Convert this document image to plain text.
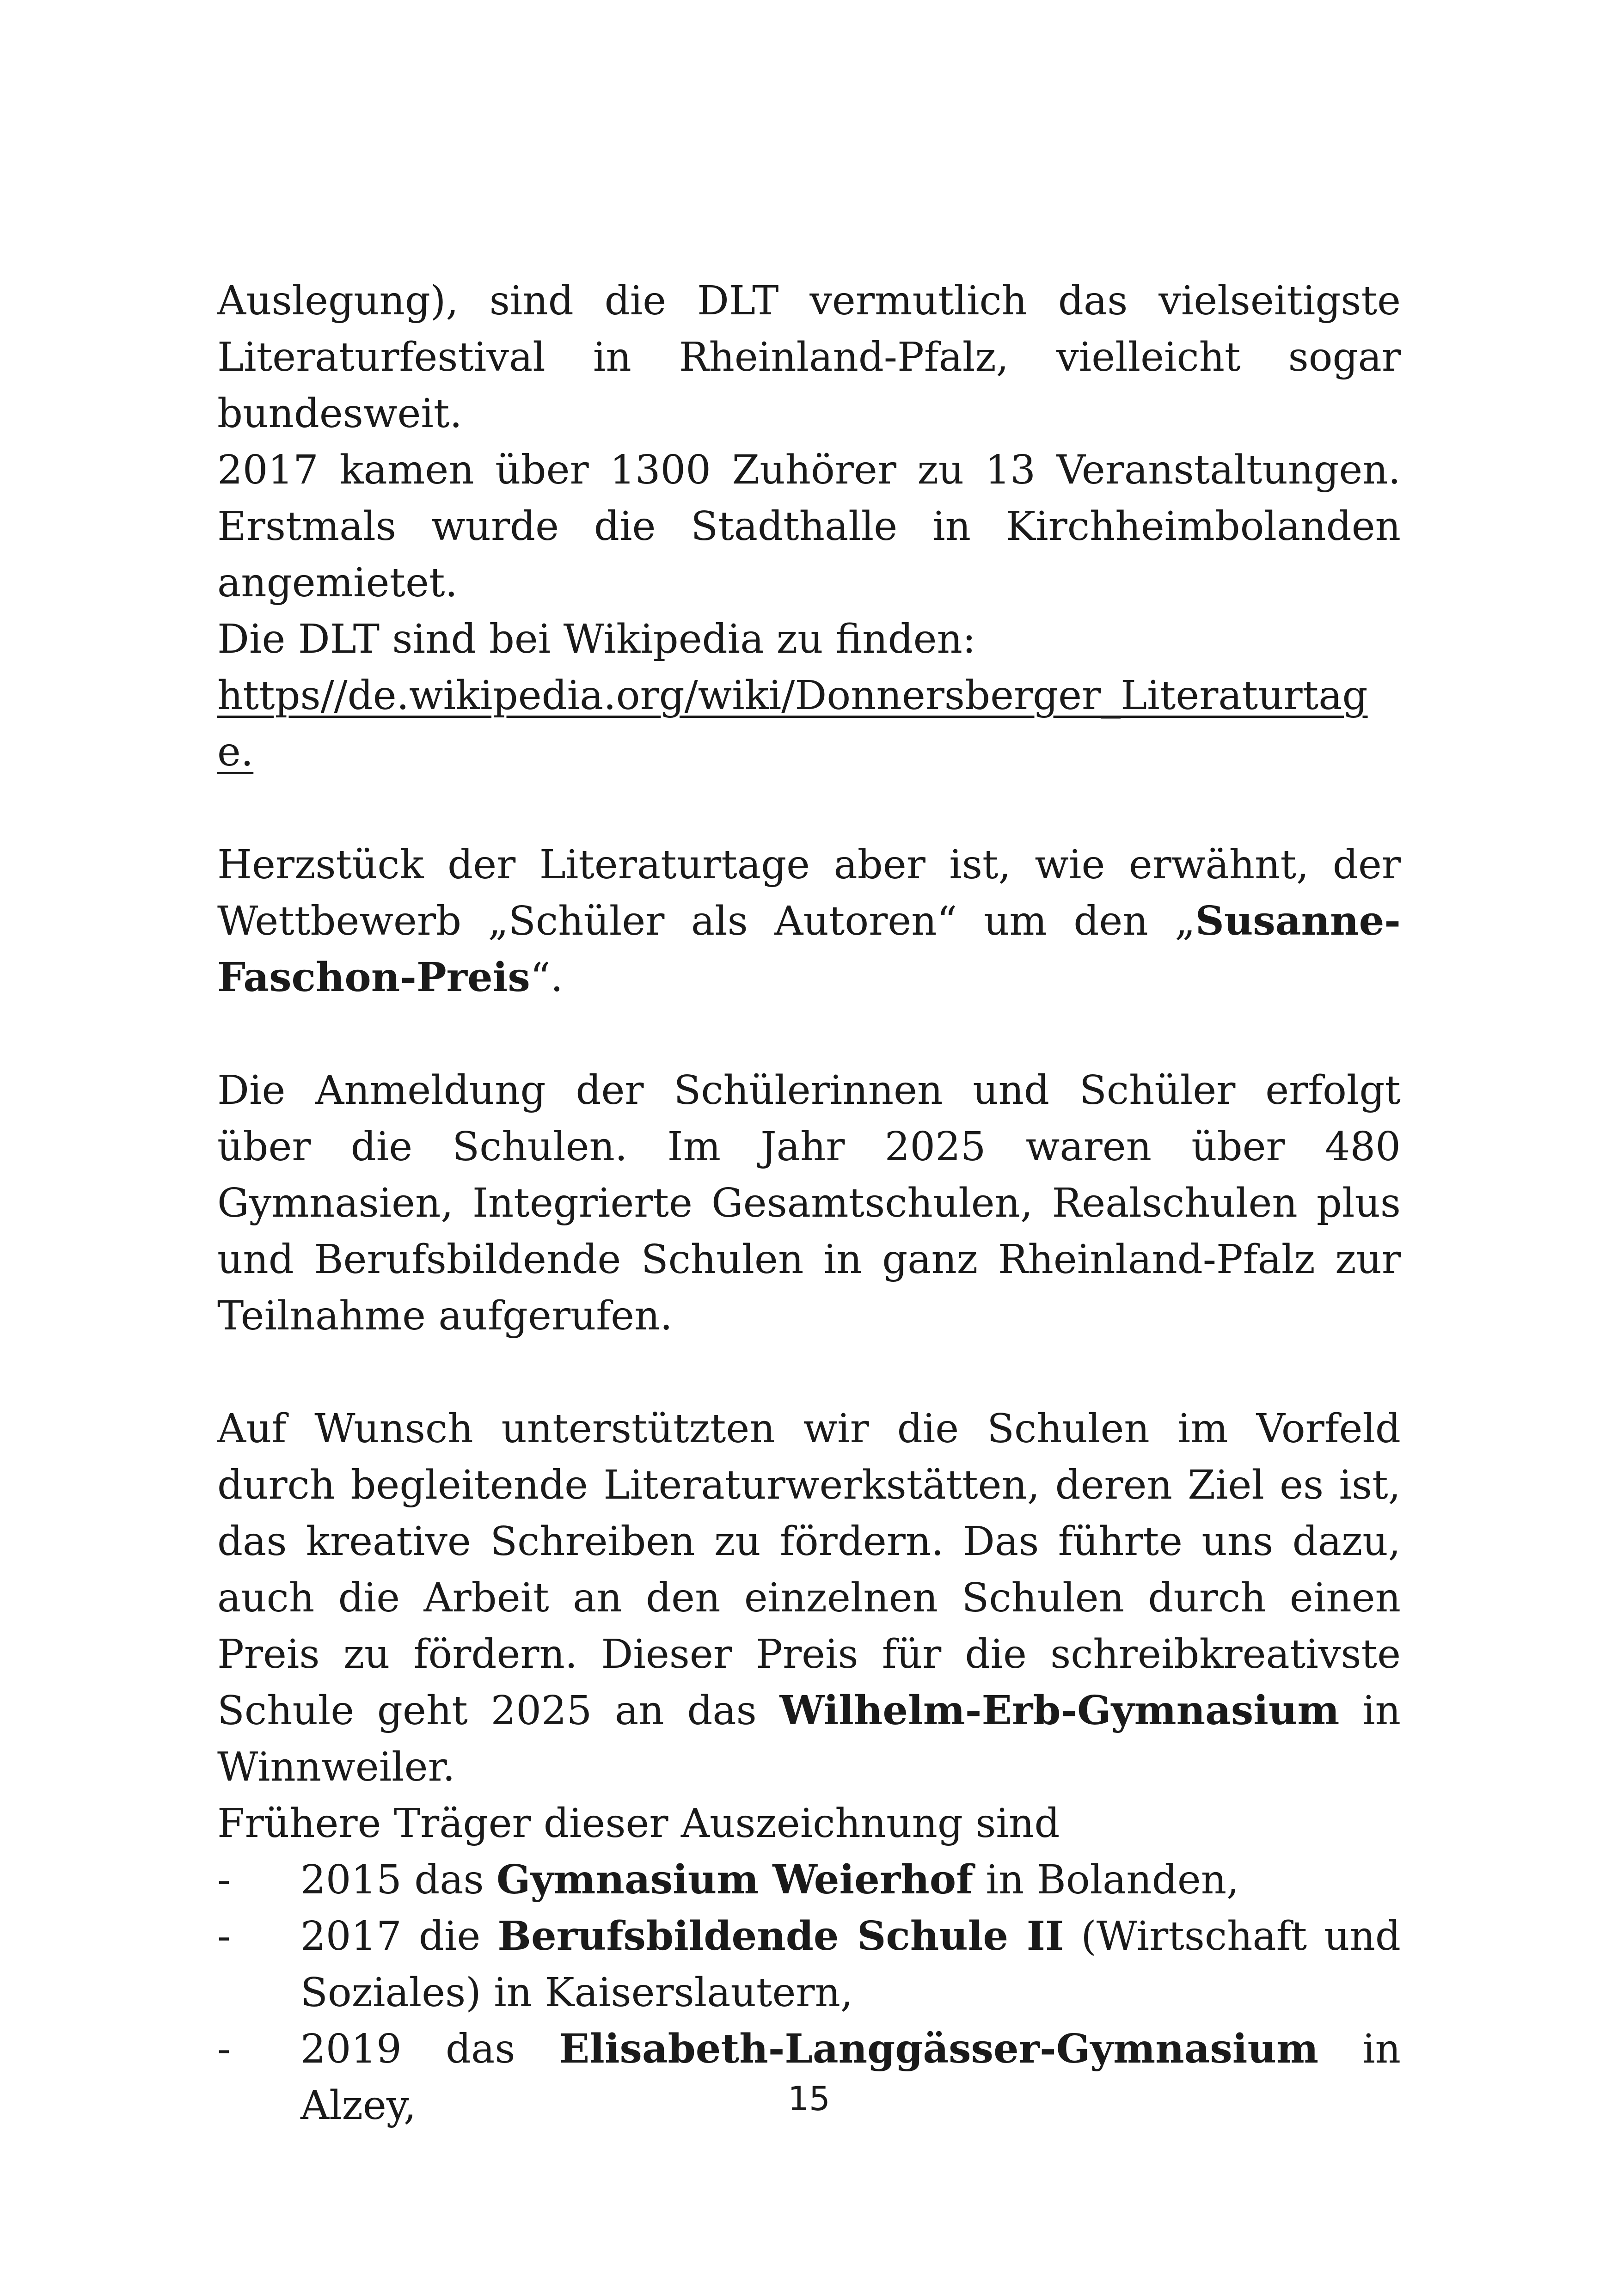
Auslegung), sind die DLT vermutlich das vielseitigste Literaturfestival in Rheinland-Pfalz, vielleicht sogar bundesweit.

2017 kamen über 1300 Zuhörer zu 13 Veranstaltungen. Erstmals wurde die Stadthalle in Kirchheimbolanden angemietet.

Die DLT sind bei Wikipedia zu finden:

https//de.wikipedia.org/wiki/Donnersberger_Literaturtage.

Herzstück der Literaturtage aber ist, wie erwähnt, der Wettbewerb „Schüler als Autoren“ um den „Susanne-Faschon-Preis“.

Die Anmeldung der Schülerinnen und Schüler erfolgt über die Schulen. Im Jahr 2025 waren über 480 Gymnasien, Integrierte Gesamtschulen, Realschulen plus und Berufsbildende Schulen in ganz Rheinland-Pfalz zur Teilnahme aufgerufen.

Auf Wunsch unterstützten wir die Schulen im Vorfeld durch begleitende Literaturwerkstätten, deren Ziel es ist, das kreative Schreiben zu fördern. Das führte uns dazu, auch die Arbeit an den einzelnen Schulen durch einen Preis zu fördern. Dieser Preis für die schreibkreativste Schule geht 2025 an das Wilhelm-Erb-Gymnasium in Winnweiler.

Frühere Träger dieser Auszeichnung sind

- 2015 das Gymnasium Weierhof in Bolanden,
- 2017 die Berufsbildende Schule II (Wirtschaft und Soziales) in Kaiserslautern,
- 2019 das Elisabeth-Langgässer-Gymnasium in Alzey,	15
